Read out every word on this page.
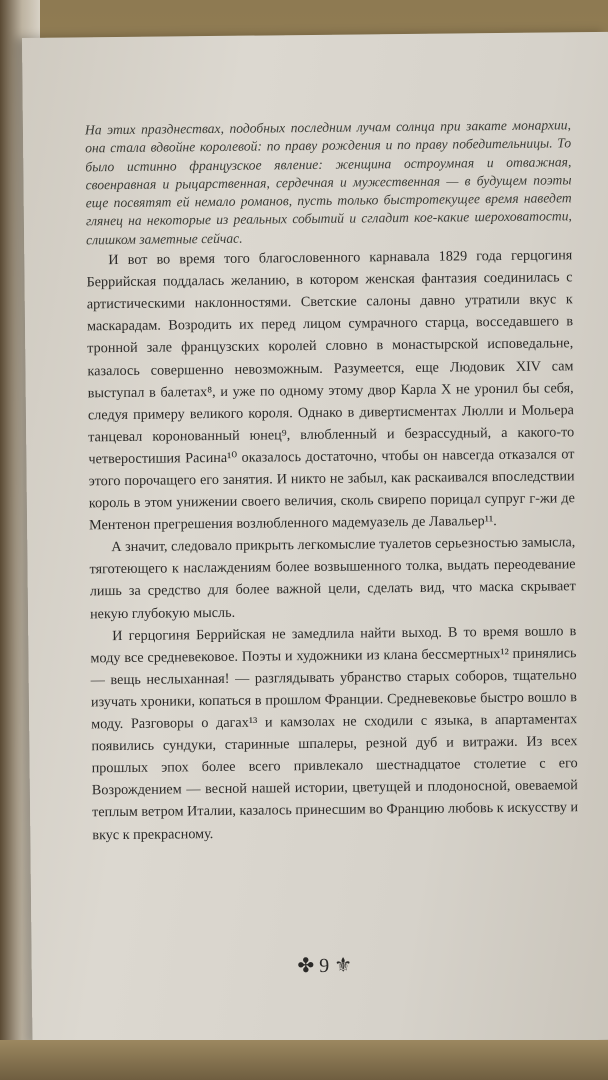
На этих празднествах, подобных последним лучам солнца при закате монархии, она стала вдвойне королевой: по праву рождения и по праву победительницы. То было истинно французское явление: женщина остроумная и отважная, своенравная и рыцарственная, сердечная и мужественная — в будущем поэты еще посвятят ей немало романов, пусть только быстротекущее время наведет глянец на некоторые из реальных событий и сгладит кое-какие шероховатости, слишком заметные сейчас.

И вот во время того благословенного карнавала 1829 года герцогиня Беррийская поддалась желанию, в котором женская фантазия соединилась с артистическими наклонностями. Светские салоны давно утратили вкус к маскарадам. Возродить их перед лицом сумрачного старца, восседавшего в тронной зале французских королей словно в монастырской исповедальне, казалось совершенно невозможным. Разумеется, еще Людовик XIV сам выступал в балетах⁸, и уже по одному этому двор Карла X не уронил бы себя, следуя примеру великого короля. Однако в дивертисментах Люлли и Мольера танцевал коронованный юнец⁹, влюбленный и безрассудный, а какого-то четверостишия Расина¹⁰ оказалось достаточно, чтобы он навсегда отказался от этого порочащего его занятия. И никто не забыл, как раскаивался впоследствии король в этом унижении своего величия, сколь свирепо порицал супруг г-жи де Ментенон прегрешения возлюбленного мадемуазель де Лавальер¹¹.

А значит, следовало прикрыть легкомыслие туалетов серьезностью замысла, тяготеющего к наслаждениям более возвышенного толка, выдать переодевание лишь за средство для более важной цели, сделать вид, что маска скрывает некую глубокую мысль.

И герцогиня Беррийская не замедлила найти выход. В то время вошло в моду все средневековое. Поэты и художники из клана бессмертных¹² принялись — вещь неслыханная! — разглядывать убранство старых соборов, тщательно изучать хроники, копаться в прошлом Франции. Средневековье быстро вошло в моду. Разговоры о дагах¹³ и камзолах не сходили с языка, в апартаментах появились сундуки, старинные шпалеры, резной дуб и витражи. Из всех прошлых эпох более всего привлекало шестнадцатое столетие с его Возрождением — весной нашей истории, цветущей и плодоносной, овеваемой теплым ветром Италии, казалось принесшим во Францию любовь к искусству и вкус к прекрасному.

✤ 9 ⚜
